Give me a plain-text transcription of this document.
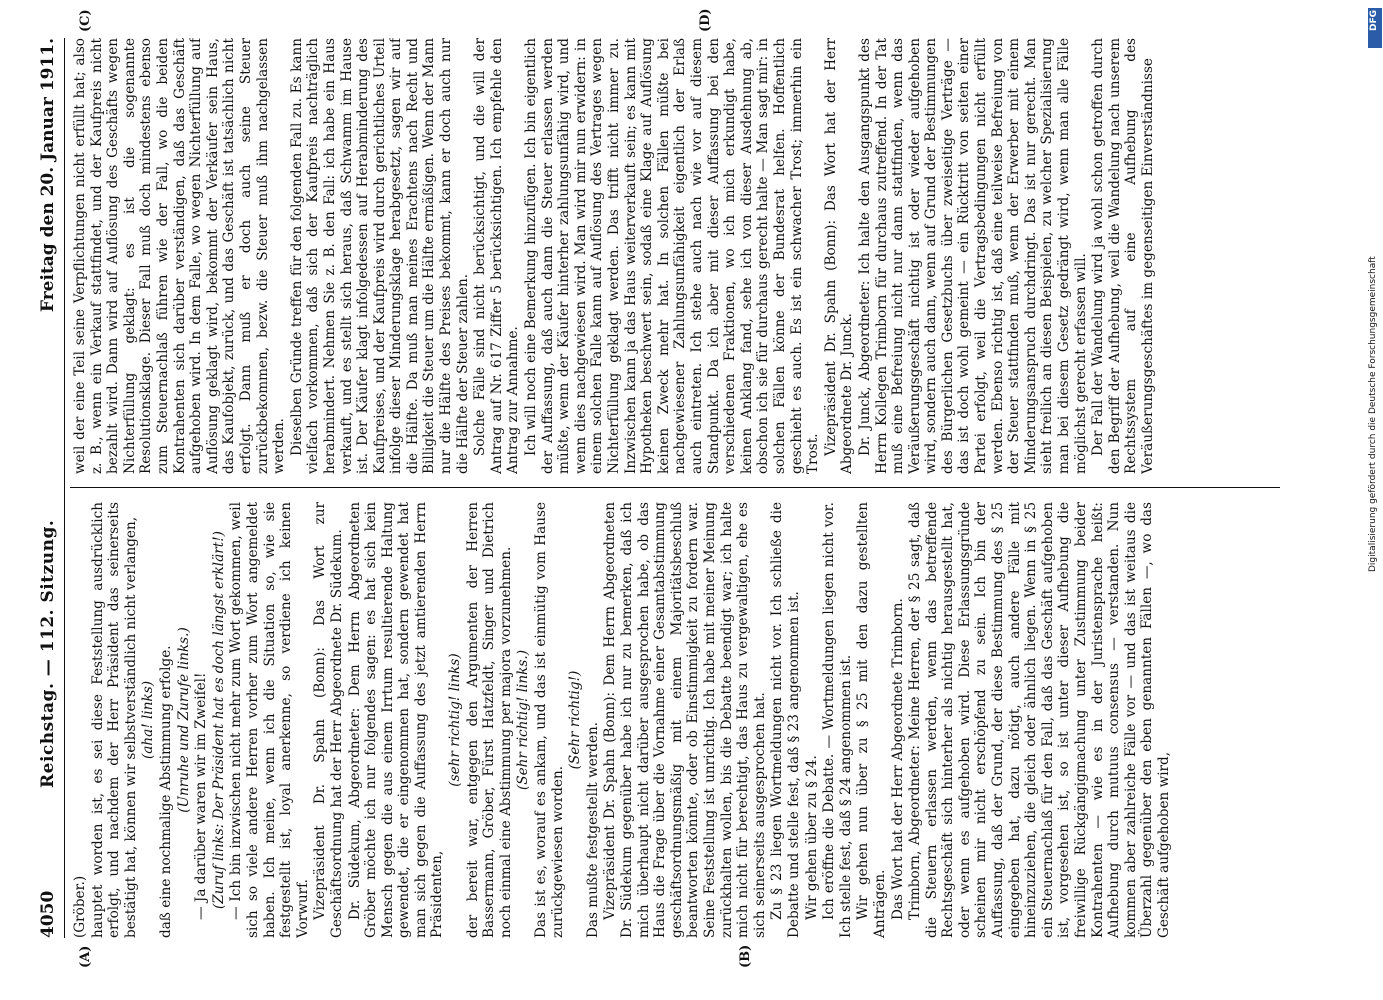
4050
Reichstag. — 112. Sitzung.
Freitag den 20. Januar 1911.

(Gröber.) hauptet worden ist, es sei diese Feststellung ausdrücklich erfolgt, und nachdem der Herr Präsident das seinerseits bestätigt hat, können wir selbstverständlich nicht verlangen, (aha! links) daß eine nochmalige Abstimmung erfolge. (Unruhe und Zurufe links.) — Ja darüber waren wir im Zweifel! (Zuruf links: Der Präsident hat es doch längst erklärt!) — Ich bin inzwischen nicht mehr zum Wort gekommen, weil sich so viele andere Herren vorher zum Wort angemeldet haben. Ich meine, wenn ich die Situation so, wie sie festgestellt ist, loyal anerkenne, so verdiene ich keinen Vorwurf. Vizepräsident Dr. Spahn (Bonn): Das Wort zur Geschäftsordnung hat der Herr Abgeordnete Dr. Südekum. Dr. Südekum, Abgeordneter: Dem Herrn Abgeordneten Gröber möchte ich nur folgendes sagen: es hat sich kein Mensch gegen die aus einem Irrtum resultierende Haltung gewendet, die er eingenommen hat, sondern gewendet hat man sich gegen die Auffassung des jetzt amtierenden Herrn Präsidenten,

(sehr richtig! links) der bereit war, entgegen den Argumenten der Herren Bassermann, Gröber, Fürst Hatzfeldt, Singer und Dietrich noch einmal eine Abstimmung per majora vorzunehmen. (Sehr richtig! links.) Das ist es, worauf es ankam, und das ist einmütig vom Hause zurückgewiesen worden.

(Sehr richtig!)

Das mußte festgestellt werden. Vizepräsident Dr. Spahn (Bonn): Dem Herrn Abgeordneten Dr. Südekum gegenüber habe ich nur zu bemerken, daß ich mich überhaupt nicht darüber ausgesprochen habe, ob das Haus die Frage über die Vornahme einer Gesamtabstimmung geschäftsordnungsmäßig mit einem Majoritätsbeschluß beantworten könnte, oder ob Einstimmigkeit zu fordern war. Seine Feststellung ist unrichtig. Ich habe mit meiner Meinung zurückhalten wollen, bis die Debatte beendigt war; ich halte mich nicht für berechtigt, das Haus zu vergewaltigen, ehe es sich seinerseits ausgesprochen hat. Zu § 23 liegen Wortmeldungen nicht vor. Ich schließe die Debatte und stelle fest, daß § 23 angenommen ist. Wir gehen über zu § 24. Ich eröffne die Debatte. — Wortmeldungen liegen nicht vor. Ich stelle fest, daß § 24 angenommen ist. Wir gehen nun über zu § 25 mit den dazu gestellten Anträgen. Das Wort hat der Herr Abgeordnete Trimborn. Trimborn, Abgeordneter: Meine Herren, der § 25 sagt, daß die Steuern erlassen werden, wenn das betreffende Rechtsgeschäft sich hinterher als nichtig herausgestellt hat, oder wenn es aufgehoben wird. Diese Erlassungsgründe scheinen mir nicht erschöpfend zu sein. Ich bin der Auffassung, daß der Grund, der diese Bestimmung des § 25 eingegeben hat, dazu nötigt, auch andere Fälle mit hineinzuziehen, die gleich oder ähnlich liegen. Wenn in § 25 ein Steuernachlaß für den Fall, daß das Geschäft aufgehoben ist, vorgesehen ist, so ist unter dieser Aufhebung die freiwillige Rückgängigmachung unter Zustimmung beider Kontrahenten — wie es in der Juristensprache heißt: Aufhebung durch mutuus consensus — verstanden. Nun kommen aber zahlreiche Fälle vor — und das ist weitaus die Überzahl gegenüber den eben genannten Fällen —, wo das Geschäft aufgehoben wird,

weil der eine Teil seine Verpflichtungen nicht erfüllt hat; also z. B., wenn ein Verkauf stattfindet, und der Kaufpreis nicht bezahlt wird. Dann wird auf Auflösung des Geschäfts wegen Nichterfüllung geklagt: es ist die sogenannte Resolutionsklage. Dieser Fall muß doch mindestens ebenso zum Steuernachlaß führen wie der Fall, wo die beiden Kontrahenten sich darüber verständigen, daß das Geschäft aufgehoben wird. In dem Falle, wo wegen Nichterfüllung auf Auflösung geklagt wird, bekommt der Verkäufer sein Haus, das Kaufobjekt, zurück, und das Geschäft ist tatsächlich nicht erfolgt. Dann muß er doch auch seine Steuer zurückbekommen, bezw. die Steuer muß ihm nachgelassen werden. Dieselben Gründe treffen für den folgenden Fall zu. Es kann vielfach vorkommen, daß sich der Kaufpreis nachträglich herabmindert. Nehmen Sie z. B. den Fall: ich habe ein Haus verkauft, und es stellt sich heraus, daß Schwamm im Hause ist. Der Käufer klagt infolgedessen auf Herabminderung des Kaufpreises, und der Kaufpreis wird durch gerichtliches Urteil infolge dieser Minderungsklage herabgesetzt, sagen wir auf die Hälfte. Da muß man meines Erachtens nach Recht und Billigkeit die Steuer um die Hälfte ermäßigen. Wenn der Mann nur die Hälfte des Preises bekommt, kann er doch auch nur die Hälfte der Steuer zahlen. Solche Fälle sind nicht berücksichtigt, und die will der Antrag auf Nr. 617 Ziffer 5 berücksichtigen. Ich empfehle den Antrag zur Annahme. Ich will noch eine Bemerkung hinzufügen. Ich bin eigentlich der Auffassung, daß auch dann die Steuer erlassen werden müßte, wenn der Käufer hinterher zahlungsunfähig wird, und wenn dies nachgewiesen wird. Man wird mir nun erwidern: in einem solchen Falle kann auf Auflösung des Vertrages wegen Nichterfüllung geklagt werden. Das trifft nicht immer zu. Inzwischen kann ja das Haus weiterverkauft sein; es kann mit Hypotheken beschwert sein, sodaß eine Klage auf Auflösung keinen Zweck mehr hat. In solchen Fällen müßte bei nachgewiesener Zahlungsunfähigkeit eigentlich der Erlaß auch eintreten. Ich stehe auch nach wie vor auf diesem Standpunkt. Da ich aber mit dieser Auffassung bei den verschiedenen Fraktionen, wo ich mich erkundigt habe, keinen Anklang fand, sehe ich von dieser Ausdehnung ab, obschon ich sie für durchaus gerecht halte — Man sagt mir: in solchen Fällen könne der Bundesrat helfen. Hoffentlich geschieht es auch. Es ist ein schwacher Trost; immerhin ein Trost. Vizepräsident Dr. Spahn (Bonn): Das Wort hat der Herr Abgeordnete Dr. Junck. Dr. Junck, Abgeordneter: Ich halte den Ausgangspunkt des Herrn Kollegen Trimborn für durchaus zutreffend. In der Tat muß eine Befreiung nicht nur dann stattfinden, wenn das Veräußerungsgeschäft nichtig ist oder wieder aufgehoben wird, sondern auch dann, wenn auf Grund der Bestimmungen des Bürgerlichen Gesetzbuchs über zweiseitige Verträge — das ist doch wohl gemeint — ein Rücktritt von seiten einer Partei erfolgt, weil die Vertragsbedingungen nicht erfüllt werden. Ebenso richtig ist, daß eine teilweise Befreiung von der Steuer stattfinden muß, wenn der Erwerber mit einem Minderungsanspruch durchdringt. Das ist nur gerecht. Man sieht freilich an diesen Beispielen, zu welcher Spezialisierung man bei diesem Gesetz gedrängt wird, wenn man alle Fälle möglichst gerecht erfassen will. Der Fall der Wandelung wird ja wohl schon getroffen durch den Begriff der Aufhebung, weil die Wandelung nach unserem Rechtssystem auf eine Aufhebung des Veräußerungsgeschäftes im gegenseitigen Einverständnisse

(A)	(B)
(C)	(D)	DFG
Digitalisierung gefördert durch die Deutsche Forschungsgemeinschaft
